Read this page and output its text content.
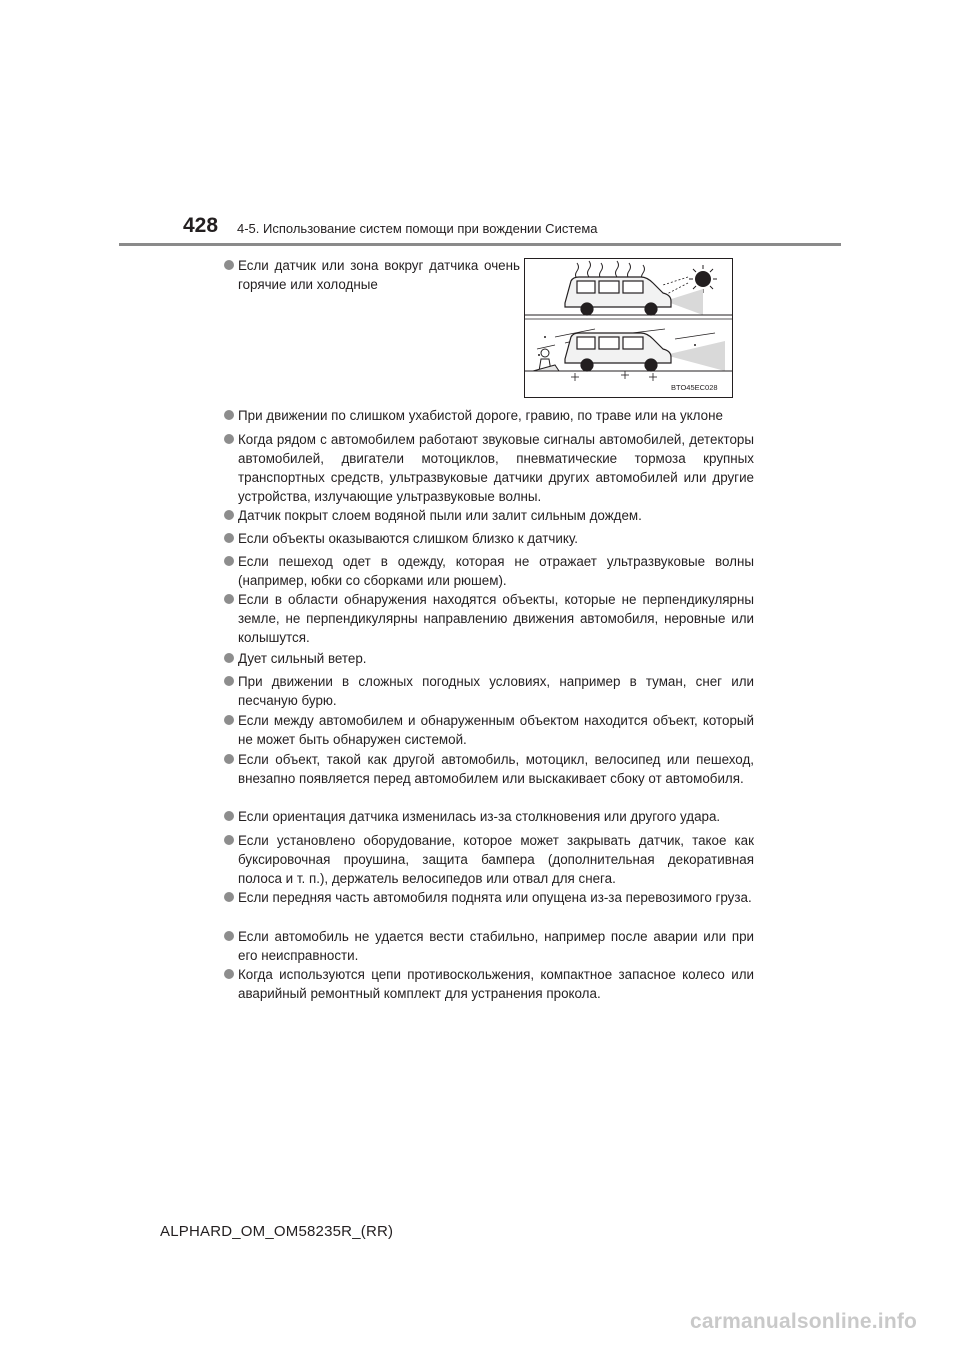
428 4-5. Использование систем помощи при вождении Система
BTO45EC028
Если датчик или зона вокруг датчика очень горячие или холодные
При движении по слишком ухабистой дороге, гравию, по траве или на уклоне
Когда рядом с автомобилем работают звуковые сигналы автомобилей, детекторы автомобилей, двигатели мотоциклов, пневматические тормоза крупных транспортных средств, ультразвуковые датчики других автомобилей или другие устройства, излучающие ультразвуковые волны.
Датчик покрыт слоем водяной пыли или залит сильным дождем.
Если объекты оказываются слишком близко к датчику.
Если пешеход одет в одежду, которая не отражает ультразвуковые волны (например, юбки со сборками или рюшем).
Если в области обнаружения находятся объекты, которые не перпендикулярны земле, не перпендикулярны направлению движения автомобиля, неровные или колышутся.
Дует сильный ветер.
При движении в сложных погодных условиях, например в туман, снег или песчаную бурю.
Если между автомобилем и обнаруженным объектом находится объект, который не может быть обнаружен системой.
Если объект, такой как другой автомобиль, мотоцикл, велосипед или пешеход, внезапно появляется перед автомобилем или выскакивает сбоку от автомобиля.
Если ориентация датчика изменилась из-за столкновения или другого удара.
Если установлено оборудование, которое может закрывать датчик, такое как буксировочная проушина, защита бампера (дополнительная декоративная полоса и т. п.), держатель велосипедов или отвал для снега.
Если передняя часть автомобиля поднята или опущена из-за перевозимого груза.
Если автомобиль не удается вести стабильно, например после аварии или при его неисправности.
Когда используются цепи противоскольжения, компактное запасное колесо или аварийный ремонтный комплект для устранения прокола.
ALPHARD_OM_OM58235R_(RR)
carmanualsonline.info
